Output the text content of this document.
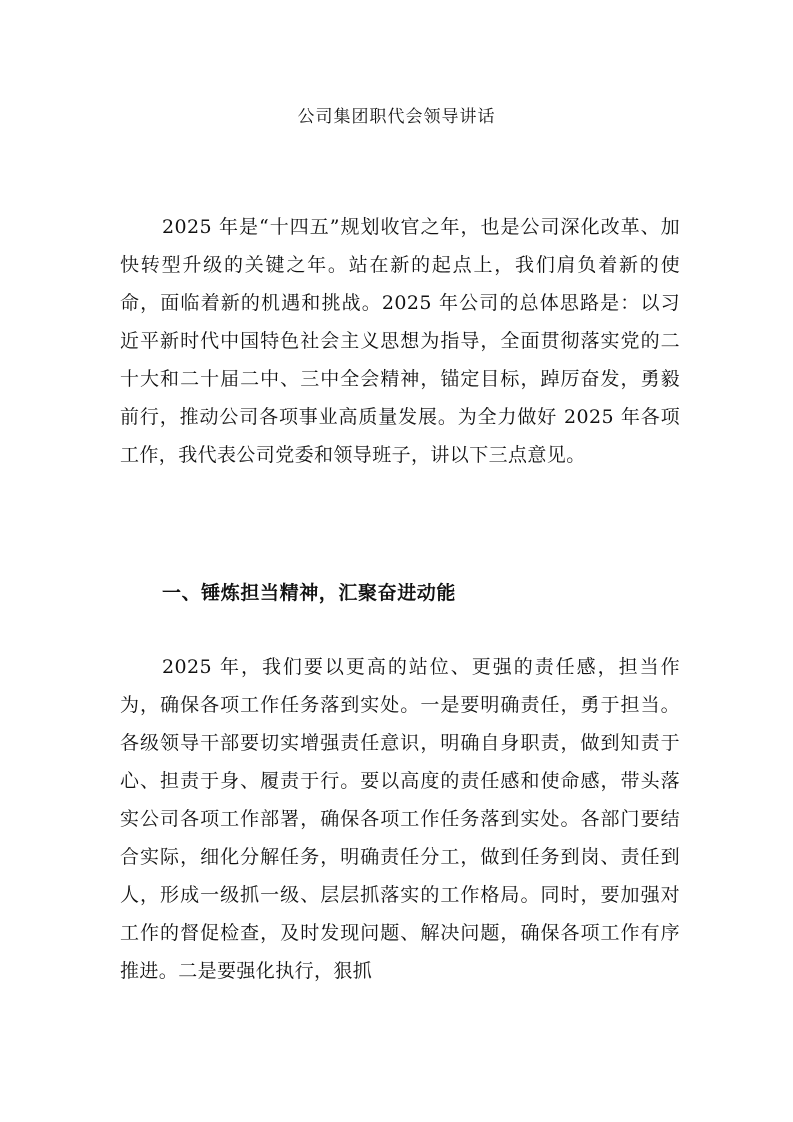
公司集团职代会领导讲话

2025 年是“十四五”规划收官之年，也是公司深化改革、加快转型升级的关键之年。站在新的起点上，我们肩负着新的使命，面临着新的机遇和挑战。2025 年公司的总体思路是：以习近平新时代中国特色社会主义思想为指导，全面贯彻落实党的二十大和二十届二中、三中全会精神，锚定目标，踔厉奋发，勇毅前行，推动公司各项事业高质量发展。为全力做好 2025 年各项工作，我代表公司党委和领导班子，讲以下三点意见。

一、锤炼担当精神，汇聚奋进动能

2025 年，我们要以更高的站位、更强的责任感，担当作为，确保各项工作任务落到实处。一是要明确责任，勇于担当。各级领导干部要切实增强责任意识，明确自身职责，做到知责于心、担责于身、履责于行。要以高度的责任感和使命感，带头落实公司各项工作部署，确保各项工作任务落到实处。各部门要结合实际，细化分解任务，明确责任分工，做到任务到岗、责任到人，形成一级抓一级、层层抓落实的工作格局。同时，要加强对工作的督促检查，及时发现问题、解决问题，确保各项工作有序推进。二是要强化执行，狠抓
